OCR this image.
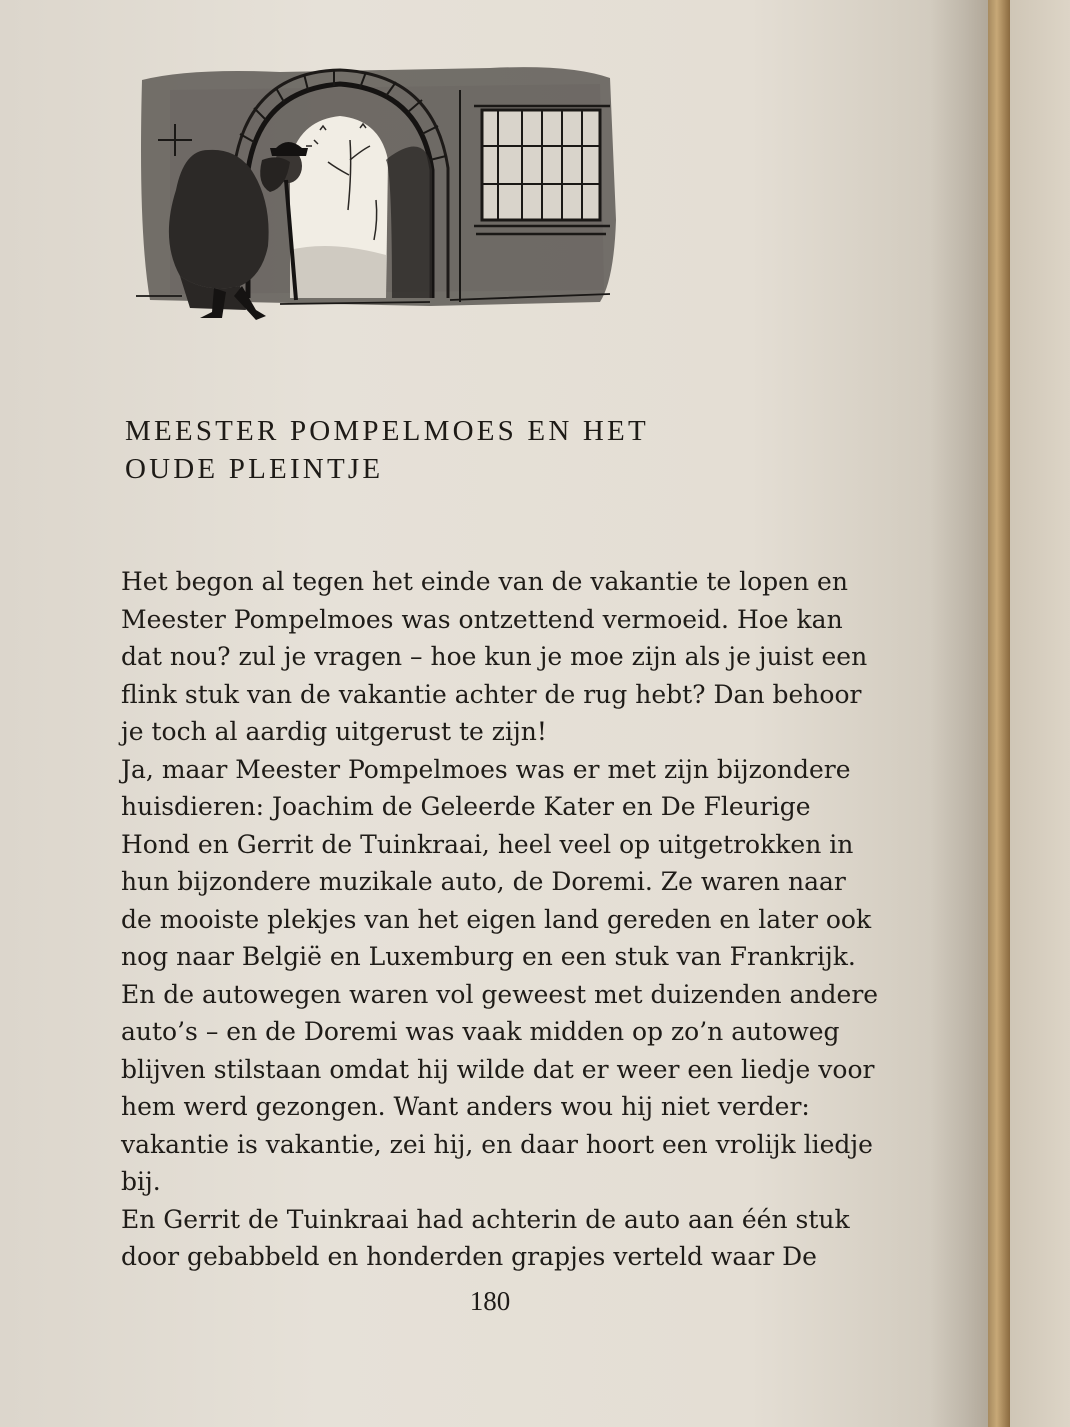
MEESTER POMPELMOES EN HET
OUDE PLEINTJE

Het begon al tegen het einde van de vakantie te lopen en Meester Pompelmoes was ontzettend vermoeid. Hoe kan dat nou? zul je vragen – hoe kun je moe zijn als je juist een flink stuk van de vakantie achter de rug hebt? Dan behoor je toch al aardig uitgerust te zijn!

Ja, maar Meester Pompelmoes was er met zijn bijzondere huisdieren: Joachim de Geleerde Kater en De Fleurige Hond en Gerrit de Tuinkraai, heel veel op uitgetrokken in hun bijzondere muzikale auto, de Doremi. Ze waren naar de mooiste plekjes van het eigen land gereden en later ook nog naar België en Luxemburg en een stuk van Frankrijk. En de autowegen waren vol geweest met duizenden andere auto’s – en de Doremi was vaak midden op zo’n autoweg blijven stilstaan omdat hij wilde dat er weer een liedje voor hem werd gezongen. Want anders wou hij niet verder: vakantie is vakantie, zei hij, en daar hoort een vrolijk liedje bij.

En Gerrit de Tuinkraai had achterin de auto aan één stuk door gebabbeld en honderden grapjes verteld waar De

180
